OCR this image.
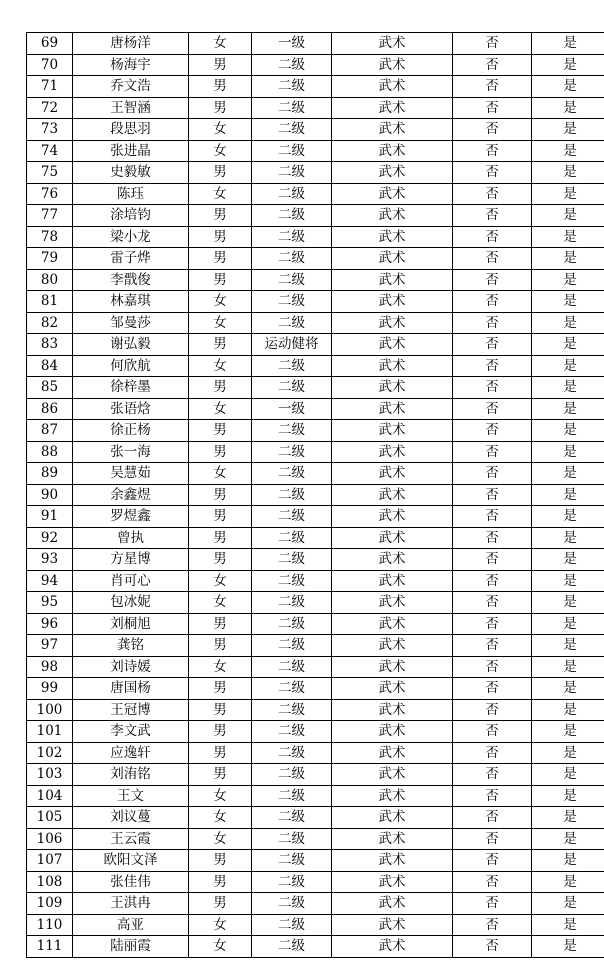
69	唐杨洋	女	一级	武术	否	是
70	杨海宇	男	二级	武术	否	是
71	乔文浩	男	二级	武术	否	是
72	王智涵	男	二级	武术	否	是
73	段思羽	女	二级	武术	否	是
74	张进晶	女	二级	武术	否	是
75	史毅敏	男	二级	武术	否	是
76	陈珏	女	二级	武术	否	是
77	涂培钧	男	二级	武术	否	是
78	梁小龙	男	二级	武术	否	是
79	雷子烨	男	二级	武术	否	是
80	李戬俊	男	二级	武术	否	是
81	林嘉琪	女	二级	武术	否	是
82	邹曼莎	女	二级	武术	否	是
83	谢弘毅	男	运动健将	武术	否	是
84	何欣航	女	二级	武术	否	是
85	徐梓墨	男	二级	武术	否	是
86	张语焓	女	一级	武术	否	是
87	徐正杨	男	二级	武术	否	是
88	张一海	男	二级	武术	否	是
89	吴慧茹	女	二级	武术	否	是
90	余鑫煜	男	二级	武术	否	是
91	罗煜鑫	男	二级	武术	否	是
92	曾执	男	二级	武术	否	是
93	方星博	男	二级	武术	否	是
94	肖可心	女	二级	武术	否	是
95	包冰妮	女	二级	武术	否	是
96	刘桐旭	男	二级	武术	否	是
97	龚铭	男	二级	武术	否	是
98	刘诗媛	女	二级	武术	否	是
99	唐国杨	男	二级	武术	否	是
100	王冠博	男	二级	武术	否	是
101	李文武	男	二级	武术	否	是
102	应逸轩	男	二级	武术	否	是
103	刘洧铭	男	二级	武术	否	是
104	王文	女	二级	武术	否	是
105	刘议蔓	女	二级	武术	否	是
106	王云霞	女	二级	武术	否	是
107	欧阳文泽	男	二级	武术	否	是
108	张佳伟	男	二级	武术	否	是
109	王淇冉	男	二级	武术	否	是
110	高亚	女	二级	武术	否	是
111	陆丽霞	女	二级	武术	否	是
